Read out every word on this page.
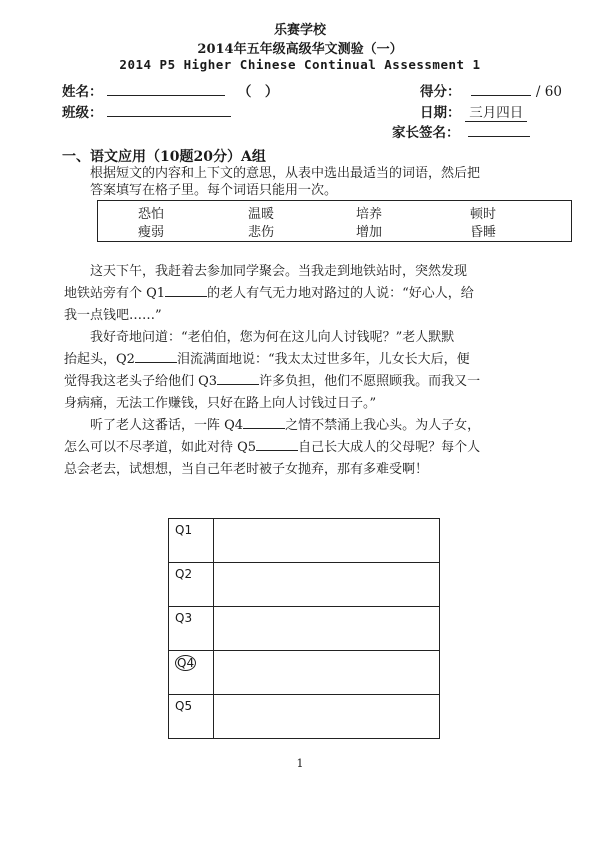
乐赛学校
2014年五年级高级华文测验（一）
2014 P5 Higher Chinese Continual Assessment 1
姓名：	（　）
班级：
得分：	/ 60
日期： 三月四日
家长签名：
一、语文应用（10题20分）A组
根据短文的内容和上下文的意思，从表中选出最适当的词语，然后把
答案填写在格子里。每个词语只能用一次。
恐怕	温暖	培养	顿时
瘦弱	悲伤	增加	昏睡
这天下午，我赶着去参加同学聚会。当我走到地铁站时，突然发现
地铁站旁有个 Q1	的老人有气无力地对路过的人说：“好心人，给
我一点钱吧……”
我好奇地问道：“老伯伯，您为何在这儿向人讨钱呢？”老人默默
抬起头，Q2	泪流满面地说：“我太太过世多年，儿女长大后，便
觉得我这老头子给他们 Q3	许多负担，他们不愿照顾我。而我又一
身病痛，无法工作赚钱，只好在路上向人讨钱过日子。”
听了老人这番话，一阵 Q4	之情不禁涌上我心头。为人子女，
怎么可以不尽孝道，如此对待 Q5	自己长大成人的父母呢？每个人
总会老去，试想想，当自己年老时被子女抛弃，那有多难受啊！
Q1	
Q2	
Q3	
Q4	
Q5	
1
